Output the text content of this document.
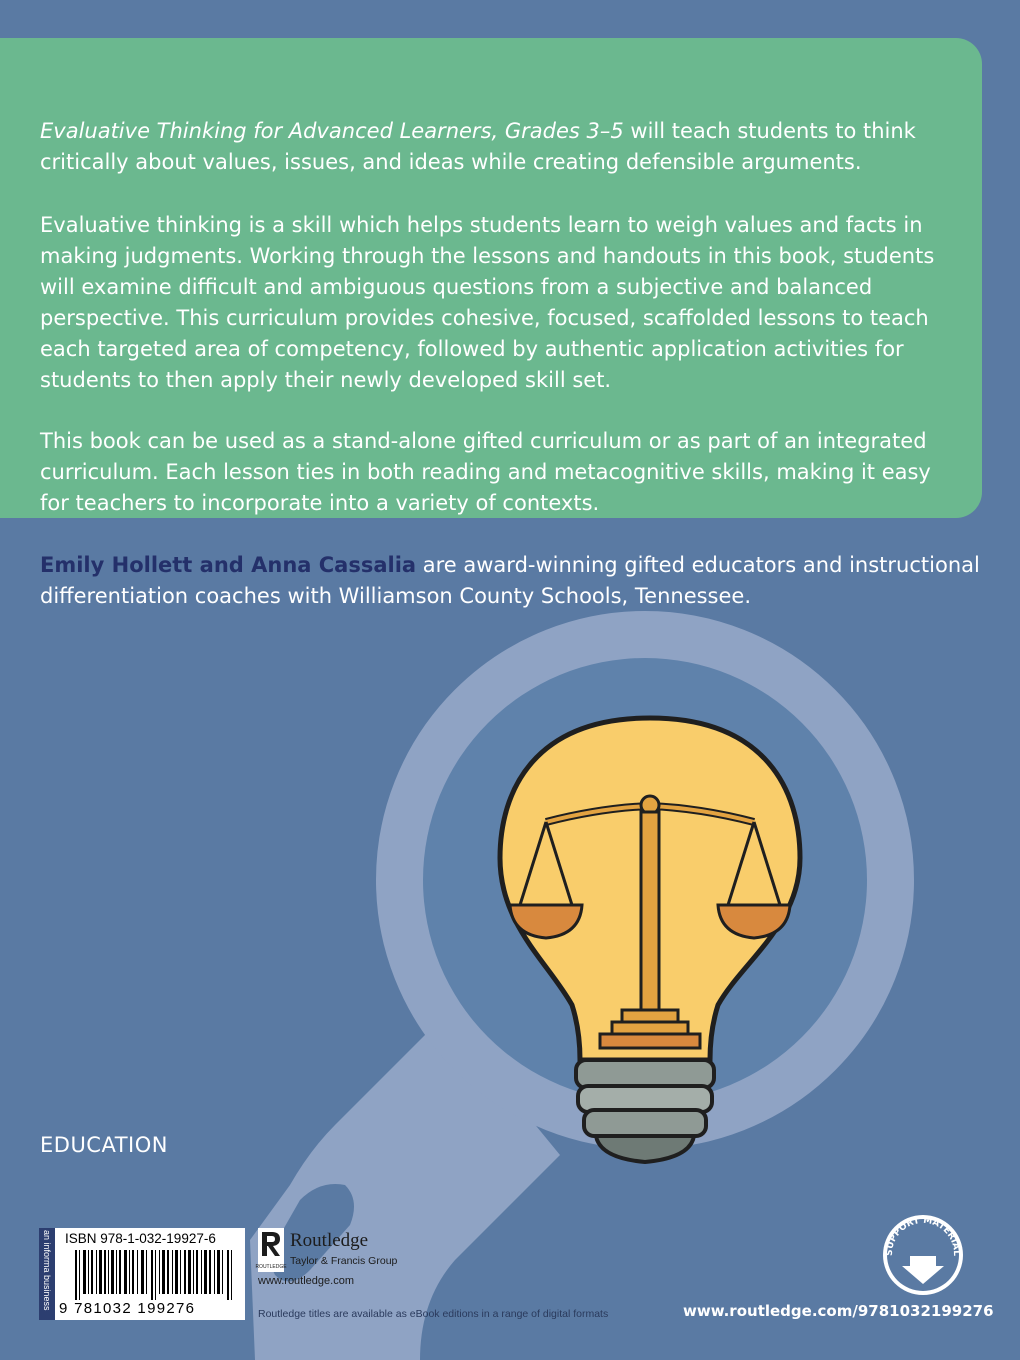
Evaluative Thinking for Advanced Learners, Grades 3–5 will teach students to think critically about values, issues, and ideas while creating defensible arguments.

Evaluative thinking is a skill which helps students learn to weigh values and facts in making judgments. Working through the lessons and handouts in this book, students will examine difficult and ambiguous questions from a subjective and balanced perspective. This curriculum provides cohesive, focused, scaffolded lessons to teach each targeted area of competency, followed by authentic application activities for students to then apply their newly developed skill set.

This book can be used as a stand-alone gifted curriculum or as part of an integrated curriculum. Each lesson ties in both reading and metacognitive skills, making it easy for teachers to incorporate into a variety of contexts.

Emily Hollett and Anna Cassalia are award-winning gifted educators and instructional differentiation coaches with Williamson County Schools, Tennessee.

EDUCATION
an informa business ISBN 978-1-032-19927-6
9 781032 199276
ROUTLEDGE
Routledge
Taylor & Francis Group
www.routledge.com
Routledge titles are available as eBook editions in a range of digital formats
SUPPORT MATERIAL
www.routledge.com/9781032199276
